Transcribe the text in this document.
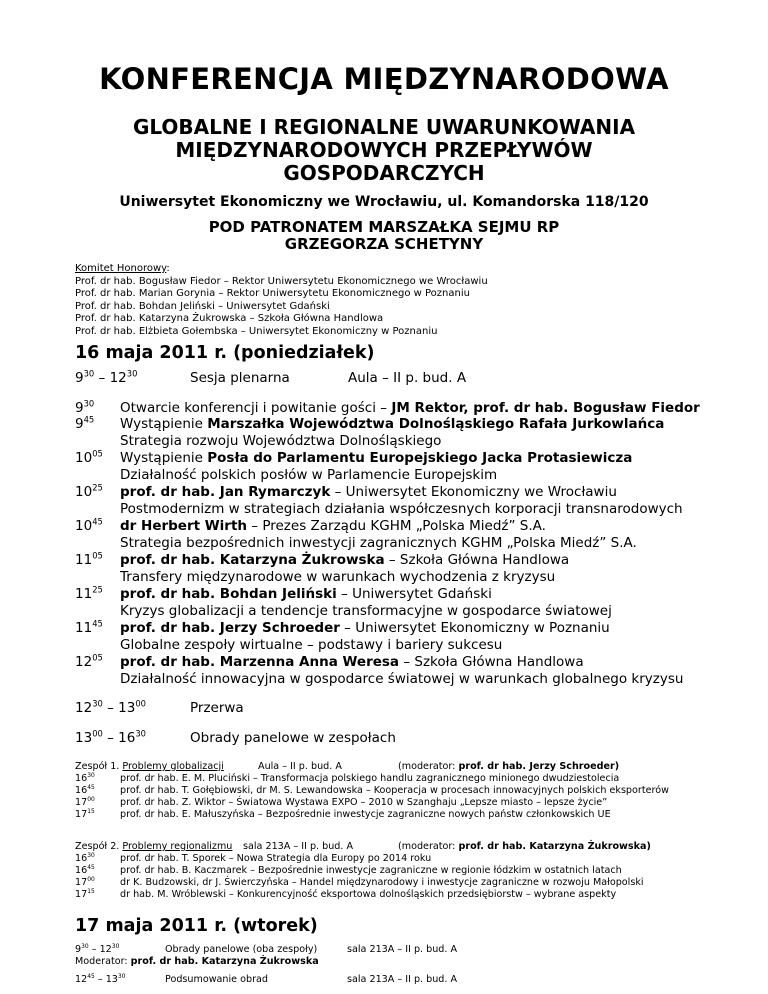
KONFERENCJA MIĘDZYNARODOWA
GLOBALNE I REGIONALNE UWARUNKOWANIA
MIĘDZYNARODOWYCH PRZEPŁYWÓW
GOSPODARCZYCH
Uniwersytet Ekonomiczny we Wrocławiu, ul. Komandorska 118/120
POD PATRONATEM MARSZAŁKA SEJMU RP
GRZEGORZA SCHETYNY
Komitet Honorowy:
Prof. dr hab. Bogusław Fiedor – Rektor Uniwersytetu Ekonomicznego we Wrocławiu
Prof. dr hab. Marian Gorynia – Rektor Uniwersytetu Ekonomicznego w Poznaniu
Prof. dr hab. Bohdan Jeliński – Uniwersytet Gdański
Prof. dr hab. Katarzyna Żukrowska – Szkoła Główna Handlowa
Prof. dr hab. Elżbieta Gołembska – Uniwersytet Ekonomiczny w Poznaniu
16 maja 2011 r. (poniedziałek)
$9^{30} - 12^{30}$	Sesja plenarna	Aula – II p. bud. A
$9^{30}$ Otwarcie konferencji i powitanie gości – JM Rektor, prof. dr hab. Bogusław Fiedor
$9^{45}$ Wystąpienie Marszałka Województwa Dolnośląskiego Rafała Jurkowlańca
Strategia rozwoju Województwa Dolnośląskiego
$10^{05}$ Wystąpienie Posła do Parlamentu Europejskiego Jacka Protasiewicza
Działalność polskich posłów w Parlamencie Europejskim
$10^{25}$ prof. dr hab. Jan Rymarczyk – Uniwersytet Ekonomiczny we Wrocławiu
Postmodernizm w strategiach działania współczesnych korporacji transnarodowych
$10^{45}$ dr Herbert Wirth – Prezes Zarządu KGHM „Polska Miedź” S.A.
Strategia bezpośrednich inwestycji zagranicznych KGHM „Polska Miedź” S.A.
$11^{05}$ prof. dr hab. Katarzyna Żukrowska – Szkoła Główna Handlowa
Transfery międzynarodowe w warunkach wychodzenia z kryzysu
$11^{25}$ prof. dr hab. Bohdan Jeliński – Uniwersytet Gdański
Kryzys globalizacji a tendencje transformacyjne w gospodarce światowej
$11^{45}$ prof. dr hab. Jerzy Schroeder – Uniwersytet Ekonomiczny w Poznaniu
Globalne zespoły wirtualne – podstawy i bariery sukcesu
$12^{05}$ prof. dr hab. Marzenna Anna Weresa – Szkoła Główna Handlowa
Działalność innowacyjna w gospodarce światowej w warunkach globalnego kryzysu
$12^{30} - 13^{00}$	Przerwa
$13^{00} - 16^{30}$	Obrady panelowe w zespołach
Zespół 1. Problemy globalizacji	Aula – II p. bud. A	(moderator: prof. dr hab. Jerzy Schroeder)
$16^{30}$	prof. dr hab. E. M. Pluciński – Transformacja polskiego handlu zagranicznego minionego dwudziestolecia
$16^{45}$	prof. dr hab. T. Gołębiowski, dr M. S. Lewandowska – Kooperacja w procesach innowacyjnych polskich eksporterów
$17^{00}$	prof. dr hab. Z. Wiktor – Światowa Wystawa EXPO – 2010 w Szanghaju „Lepsze miasto – lepsze życie”
$17^{15}$	prof. dr hab. E. Małuszyńska – Bezpośrednie inwestycje zagraniczne nowych państw członkowskich UE
Zespół 2. Problemy regionalizmu sala 213A – II p. bud. A	(moderator: prof. dr hab. Katarzyna Żukrowska)
$16^{30}$	prof. dr hab. T. Sporek – Nowa Strategia dla Europy po 2014 roku
$16^{45}$	prof. dr hab. B. Kaczmarek – Bezpośrednie inwestycje zagraniczne w regionie łódzkim w ostatnich latach
$17^{00}$	dr K. Budzowski, dr J. Świerczyńska – Handel międzynarodowy i inwestycje zagraniczne w rozwoju Małopolski
$17^{15}$	dr hab. M. Wróblewski – Konkurencyjność eksportowa dolnośląskich przedsiębiorstw – wybrane aspekty
17 maja 2011 r. (wtorek)
$9^{30} - 12^{30}$	Obrady panelowe (oba zespoły)	sala 213A – II p. bud. A
Moderator: prof. dr hab. Katarzyna Żukrowska
$12^{45} - 13^{30}$	Podsumowanie obrad	sala 213A – II p. bud. A
